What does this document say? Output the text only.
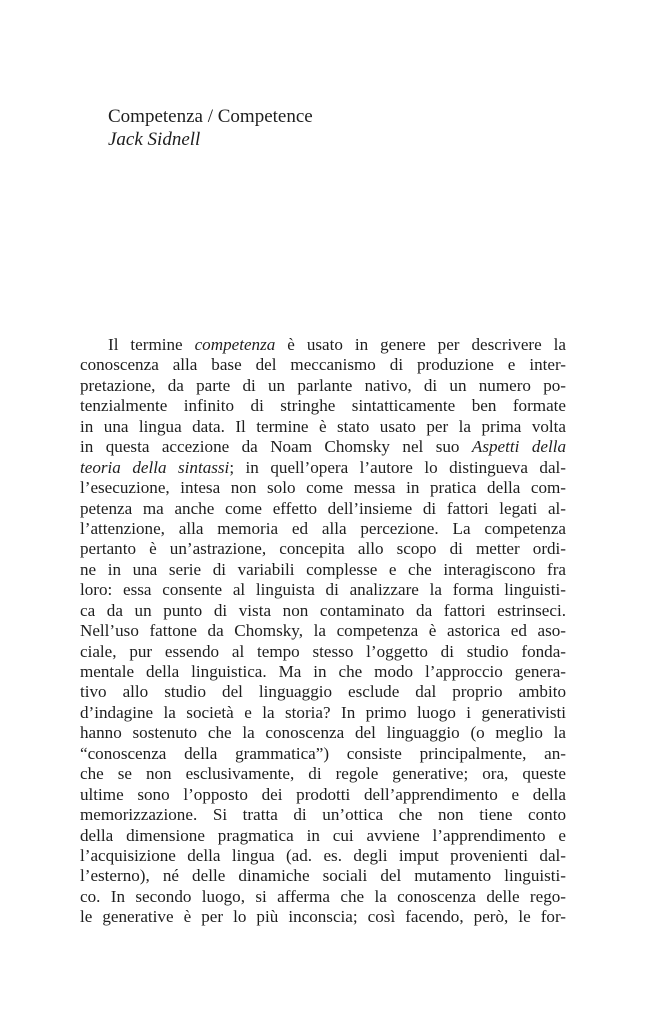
Competenza / Competence
Jack Sidnell
Il termine competenza è usato in genere per descrivere la
conoscenza alla base del meccanismo di produzione e inter-
pretazione, da parte di un parlante nativo, di un numero po-
tenzialmente infinito di stringhe sintatticamente ben formate
in una lingua data. Il termine è stato usato per la prima volta
in questa accezione da Noam Chomsky nel suo Aspetti della
teoria della sintassi; in quell’opera l’autore lo distingueva dal-
l’esecuzione, intesa non solo come messa in pratica della com-
petenza ma anche come effetto dell’insieme di fattori legati al-
l’attenzione, alla memoria ed alla percezione. La competenza
pertanto è un’astrazione, concepita allo scopo di metter ordi-
ne in una serie di variabili complesse e che interagiscono fra
loro: essa consente al linguista di analizzare la forma linguisti-
ca da un punto di vista non contaminato da fattori estrinseci.
Nell’uso fattone da Chomsky, la competenza è astorica ed aso-
ciale, pur essendo al tempo stesso l’oggetto di studio fonda-
mentale della linguistica. Ma in che modo l’approccio genera-
tivo allo studio del linguaggio esclude dal proprio ambito
d’indagine la società e la storia? In primo luogo i generativisti
hanno sostenuto che la conoscenza del linguaggio (o meglio la
“conoscenza della grammatica”) consiste principalmente, an-
che se non esclusivamente, di regole generative; ora, queste
ultime sono l’opposto dei prodotti dell’apprendimento e della
memorizzazione. Si tratta di un’ottica che non tiene conto
della dimensione pragmatica in cui avviene l’apprendimento e
l’acquisizione della lingua (ad. es. degli imput provenienti dal-
l’esterno), né delle dinamiche sociali del mutamento linguisti-
co. In secondo luogo, si afferma che la conoscenza delle rego-
le generative è per lo più inconscia; così facendo, però, le for-
